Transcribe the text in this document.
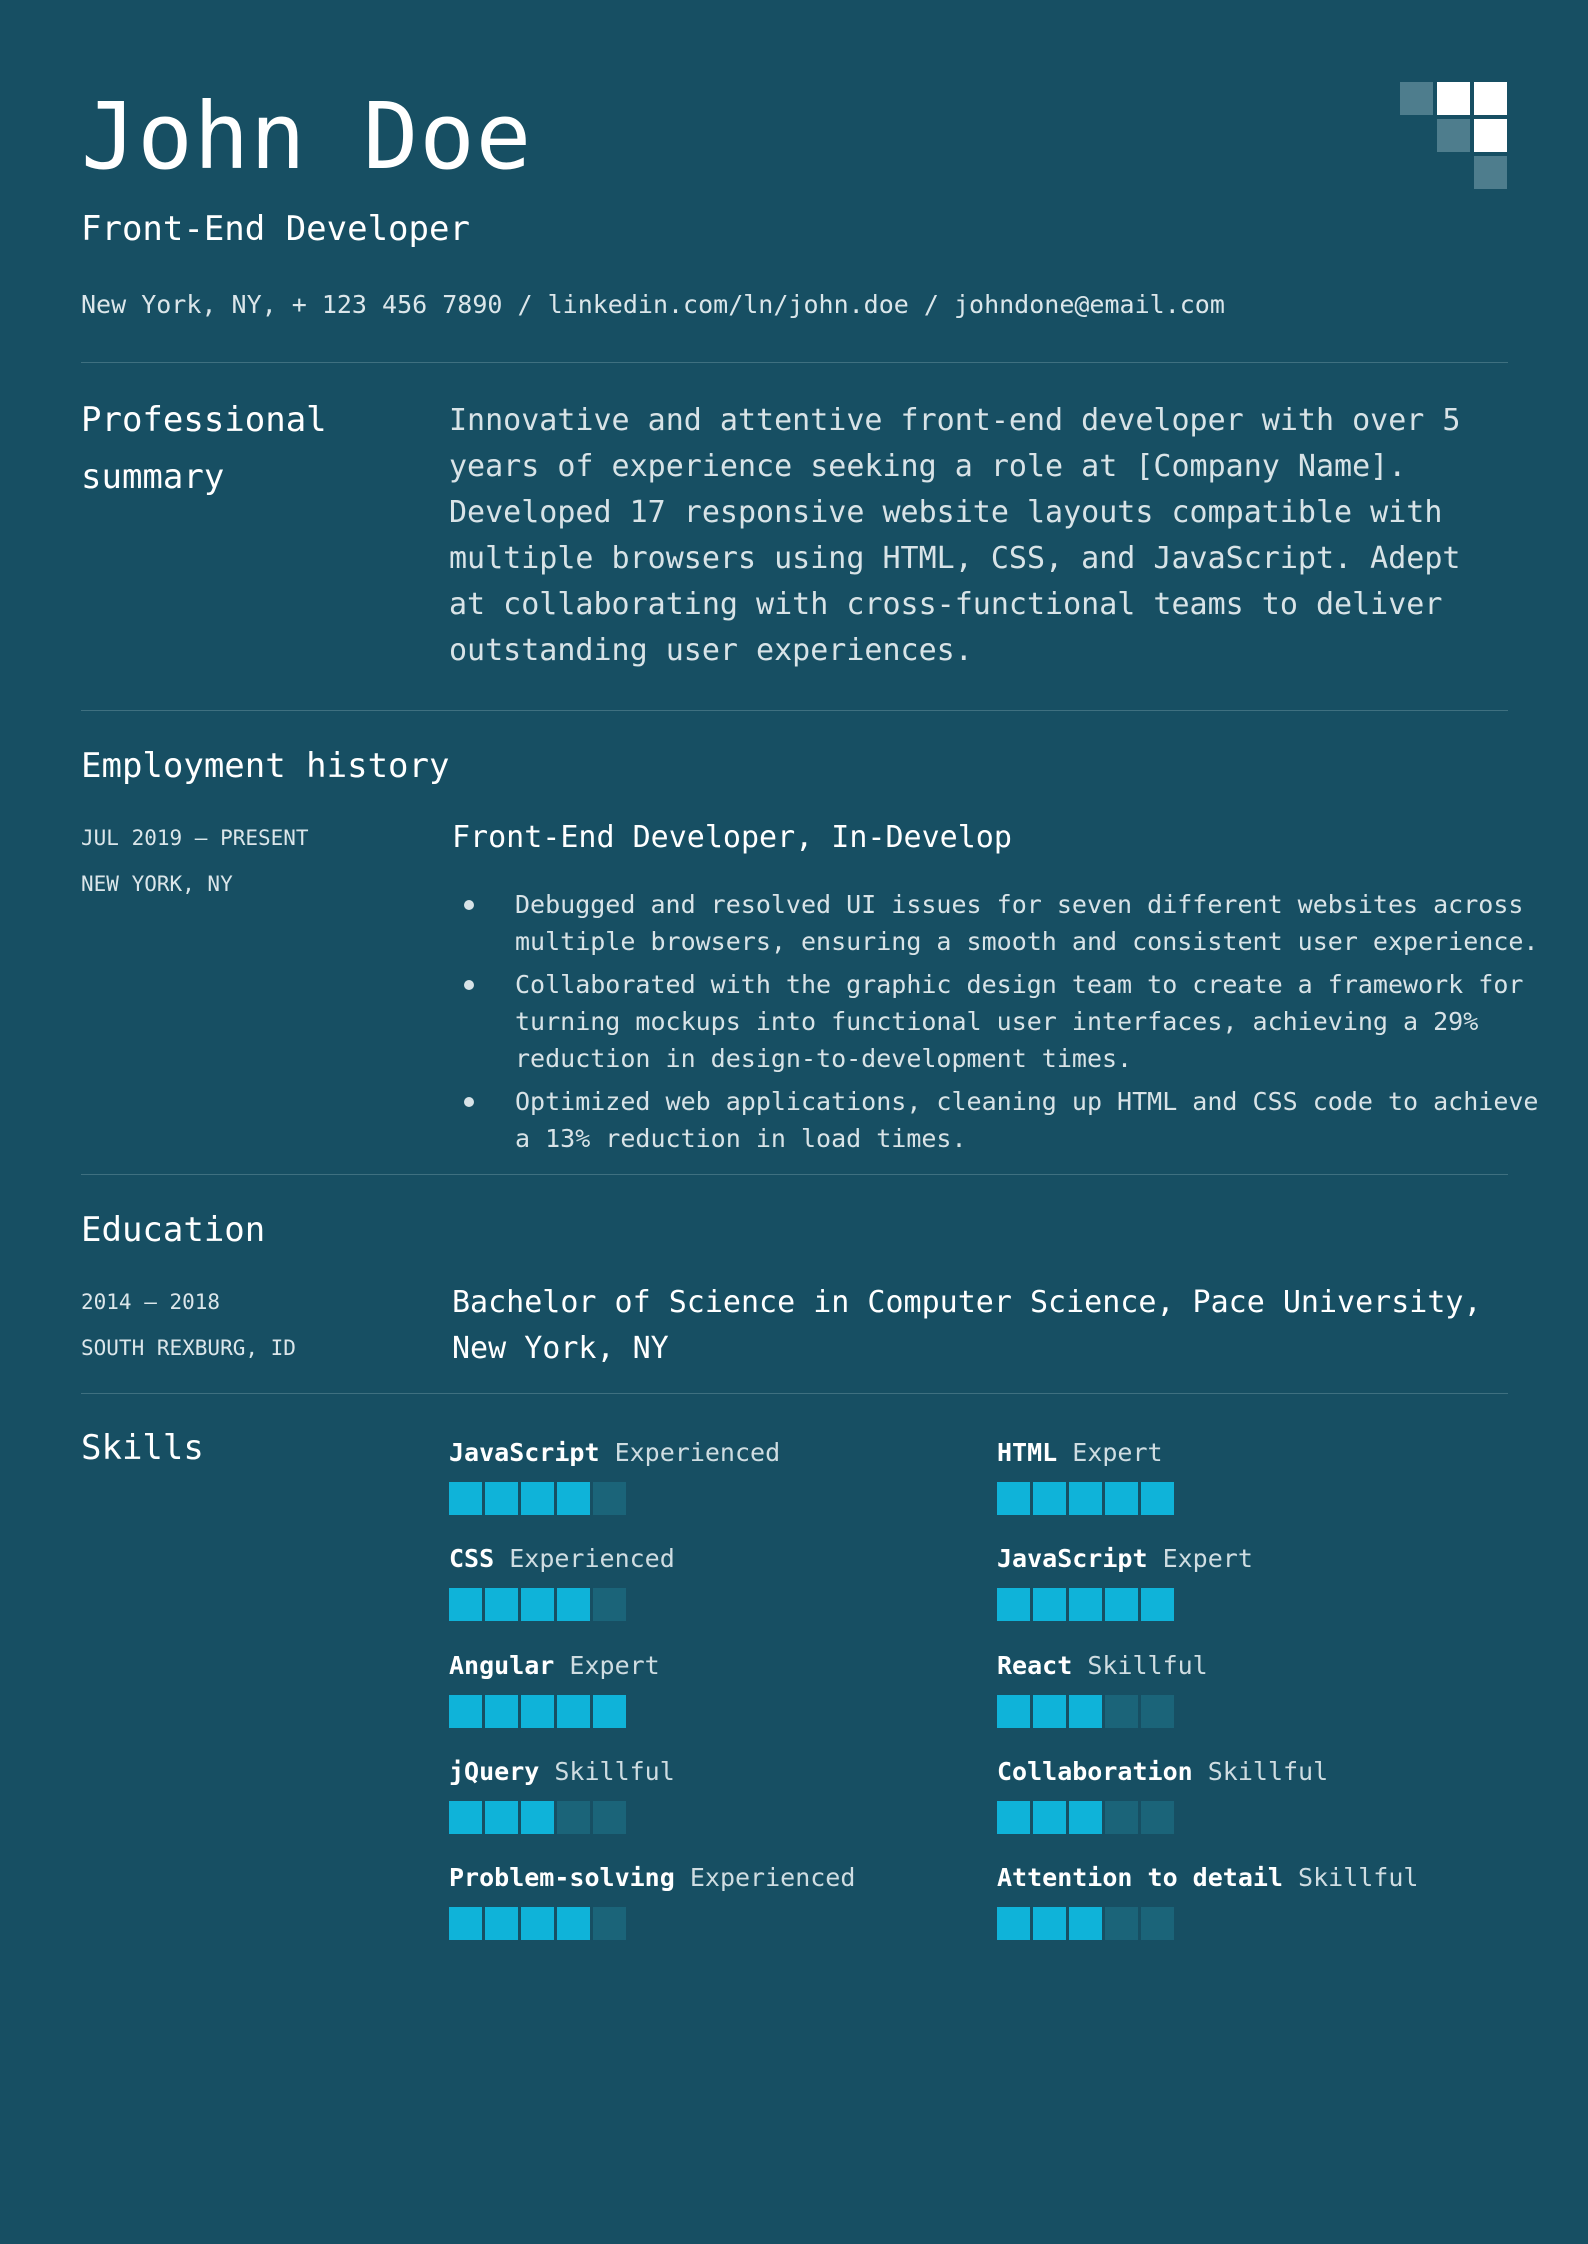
John Doe
Front-End Developer
New York, NY, + 123 456 7890 / linkedin.com/ln/john.doe / johndone@email.com
Professional summary
Innovative and attentive front-end developer with over 5 years of experience seeking a role at [Company Name]. Developed 17 responsive website layouts compatible with multiple browsers using HTML, CSS, and JavaScript. Adept at collaborating with cross-functional teams to deliver outstanding user experiences.
Employment history
JUL 2019 — PRESENT
NEW YORK, NY
Front-End Developer, In-Develop
Debugged and resolved UI issues for seven different websites across multiple browsers, ensuring a smooth and consistent user experience.
Collaborated with the graphic design team to create a framework for turning mockups into functional user interfaces, achieving a 29% reduction in design-to-development times.
Optimized web applications, cleaning up HTML and CSS code to achieve a 13% reduction in load times.
Education
2014 — 2018
SOUTH REXBURG, ID
Bachelor of Science in Computer Science, Pace University, New York, NY
Skills	JavaScript Experienced	HTML Expert
CSS Experienced	JavaScript Expert
Angular Expert	React Skillful
jQuery Skillful	Collaboration Skillful
Problem-solving Experienced	Attention to detail Skillful
